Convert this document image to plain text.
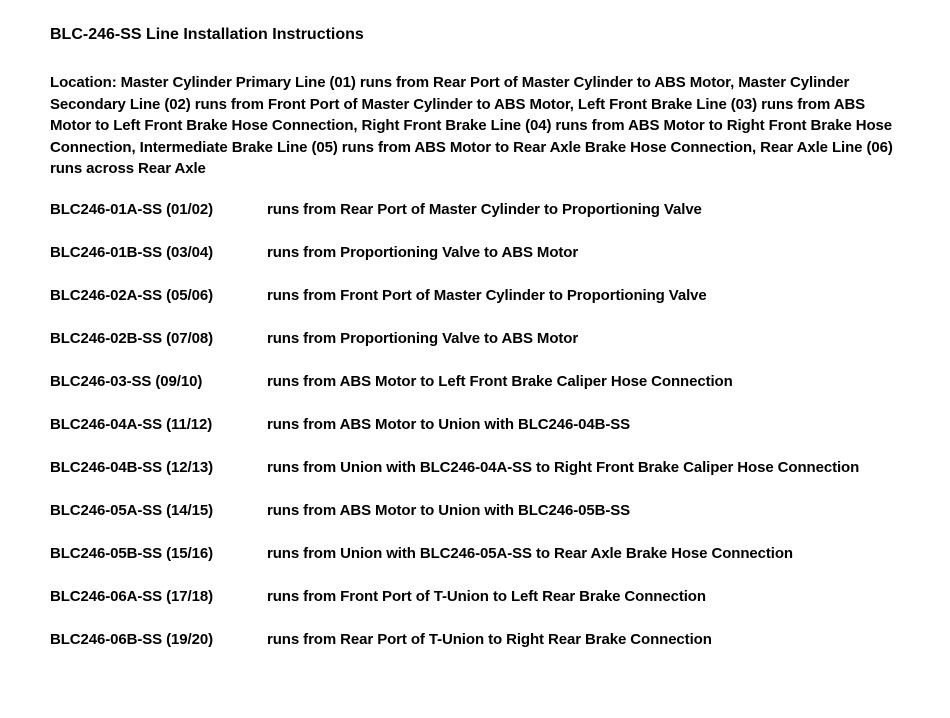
BLC-246-SS Line Installation Instructions

Location: Master Cylinder Primary Line (01) runs from Rear Port of Master Cylinder to ABS Motor, Master Cylinder Secondary Line (02) runs from Front Port of Master Cylinder to ABS Motor, Left Front Brake Line (03) runs from ABS Motor to Left Front Brake Hose Connection, Right Front Brake Line (04) runs from ABS Motor to Right Front Brake Hose Connection, Intermediate Brake Line (05) runs from ABS Motor to Rear Axle Brake Hose Connection, Rear Axle Line (06) runs across Rear Axle

BLC246-01A-SS (01/02)	runs from Rear Port of Master Cylinder to Proportioning Valve
BLC246-01B-SS (03/04)	runs from Proportioning Valve to ABS Motor
BLC246-02A-SS (05/06)	runs from Front Port of Master Cylinder to Proportioning Valve
BLC246-02B-SS (07/08)	runs from Proportioning Valve to ABS Motor
BLC246-03-SS (09/10)	runs from ABS Motor to Left Front Brake Caliper Hose Connection
BLC246-04A-SS (11/12)	runs from ABS Motor to Union with BLC246-04B-SS
BLC246-04B-SS (12/13)	runs from Union with BLC246-04A-SS to Right Front Brake Caliper Hose Connection
BLC246-05A-SS (14/15)	runs from ABS Motor to Union with BLC246-05B-SS
BLC246-05B-SS (15/16)	runs from Union with BLC246-05A-SS to Rear Axle Brake Hose Connection
BLC246-06A-SS (17/18)	runs from Front Port of T-Union to Left Rear Brake Connection
BLC246-06B-SS (19/20)	runs from Rear Port of T-Union to Right Rear Brake Connection
